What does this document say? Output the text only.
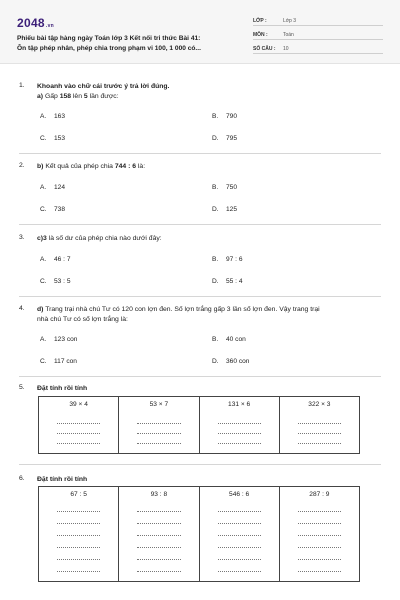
2048.vn
Phiếu bài tập hàng ngày Toán lớp 3 Kết nối tri thức Bài 41:
Ôn tập phép nhân, phép chia trong phạm vi 100, 1 000 có...
LỚP :	Lớp 3
MÔN :	Toán
SỐ CÂU :	10
1.	Khoanh vào chữ cái trước ý trả lời đúng.
a) Gấp 158 lên 5 lần được:
A. 163	B. 790
C. 153	D. 795
2.	b) Kết quả của phép chia 744 : 6 là:
A. 124	B. 750
C. 738	D. 125
3.	c)3 là số dư của phép chia nào dưới đây:
A. 46 : 7	B. 97 : 6
C. 53 : 5	D. 55 : 4
4.	d) Trang trại nhà chú Tư có 120 con lợn đen. Số lợn trắng gấp 3 lần số lợn đen. Vậy trang trại
nhà chú Tư có số lợn trắng là:
A. 123 con	B. 40 con
C. 117 con	D. 360 con
5.	Đặt tính rồi tính
39 × 4	53 × 7	131 × 6	322 × 3
6.	Đặt tính rồi tính
67 : 5	93 : 8	546 : 6	287 : 9
